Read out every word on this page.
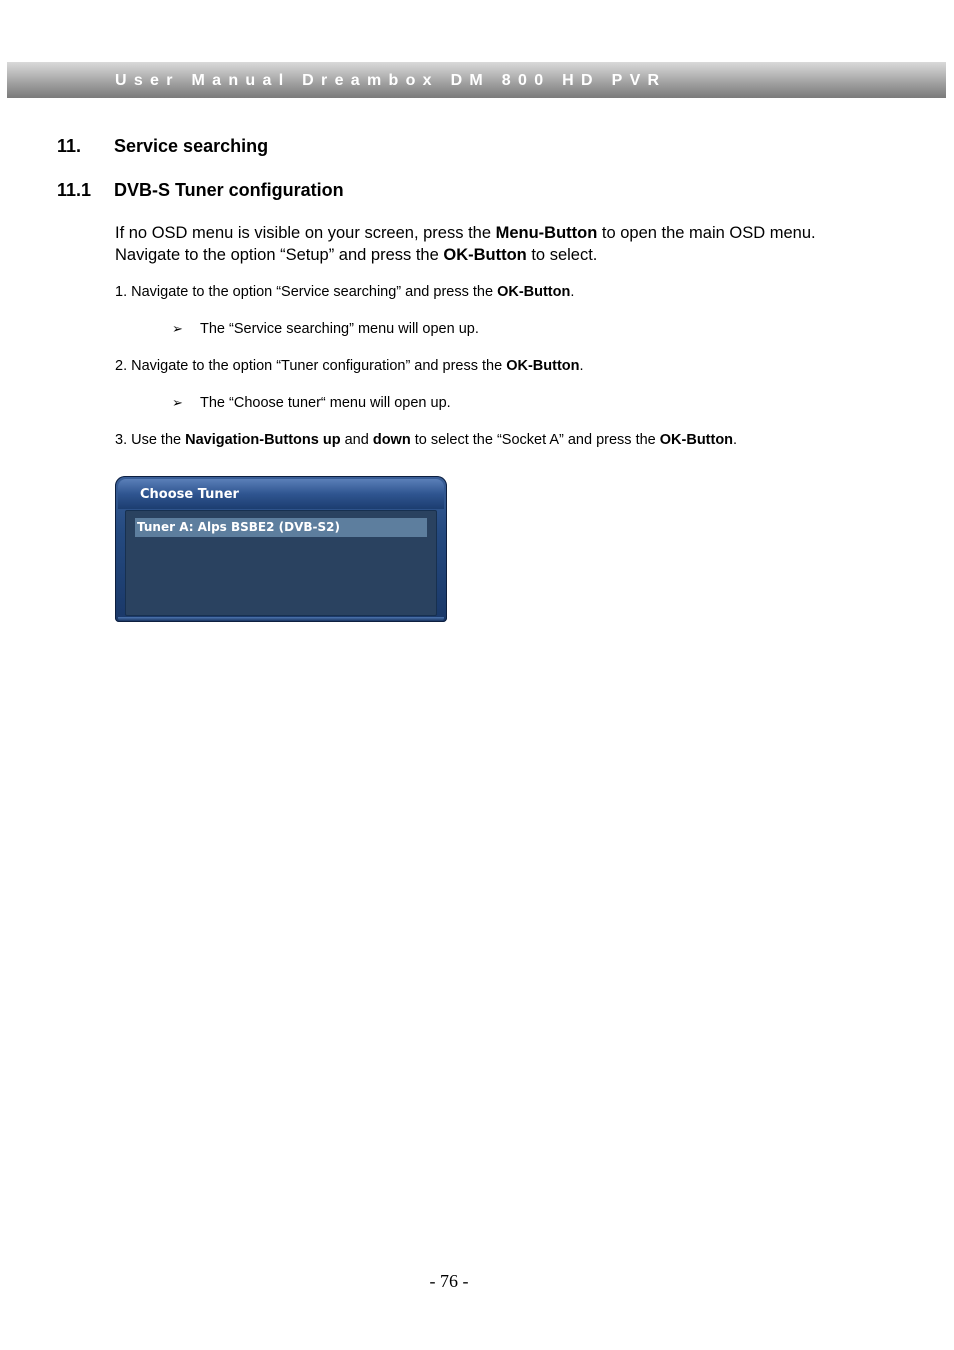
User Manual Dreambox DM 800 HD PVR
11. Service searching
11.1 DVB-S Tuner configuration
If no OSD menu is visible on your screen, press the Menu-Button to open the main OSD menu. Navigate to the option “Setup” and press the OK-Button to select.
1. Navigate to the option “Service searching” and press the OK-Button.
➢ The “Service searching” menu will open up.
2. Navigate to the option “Tuner configuration” and press the OK-Button.
➢ The “Choose tuner“ menu will open up.
3. Use the Navigation-Buttons up and down to select the “Socket A” and press the OK-Button.
Choose Tuner
Tuner A: Alps BSBE2 (DVB-S2)
- 76 -
